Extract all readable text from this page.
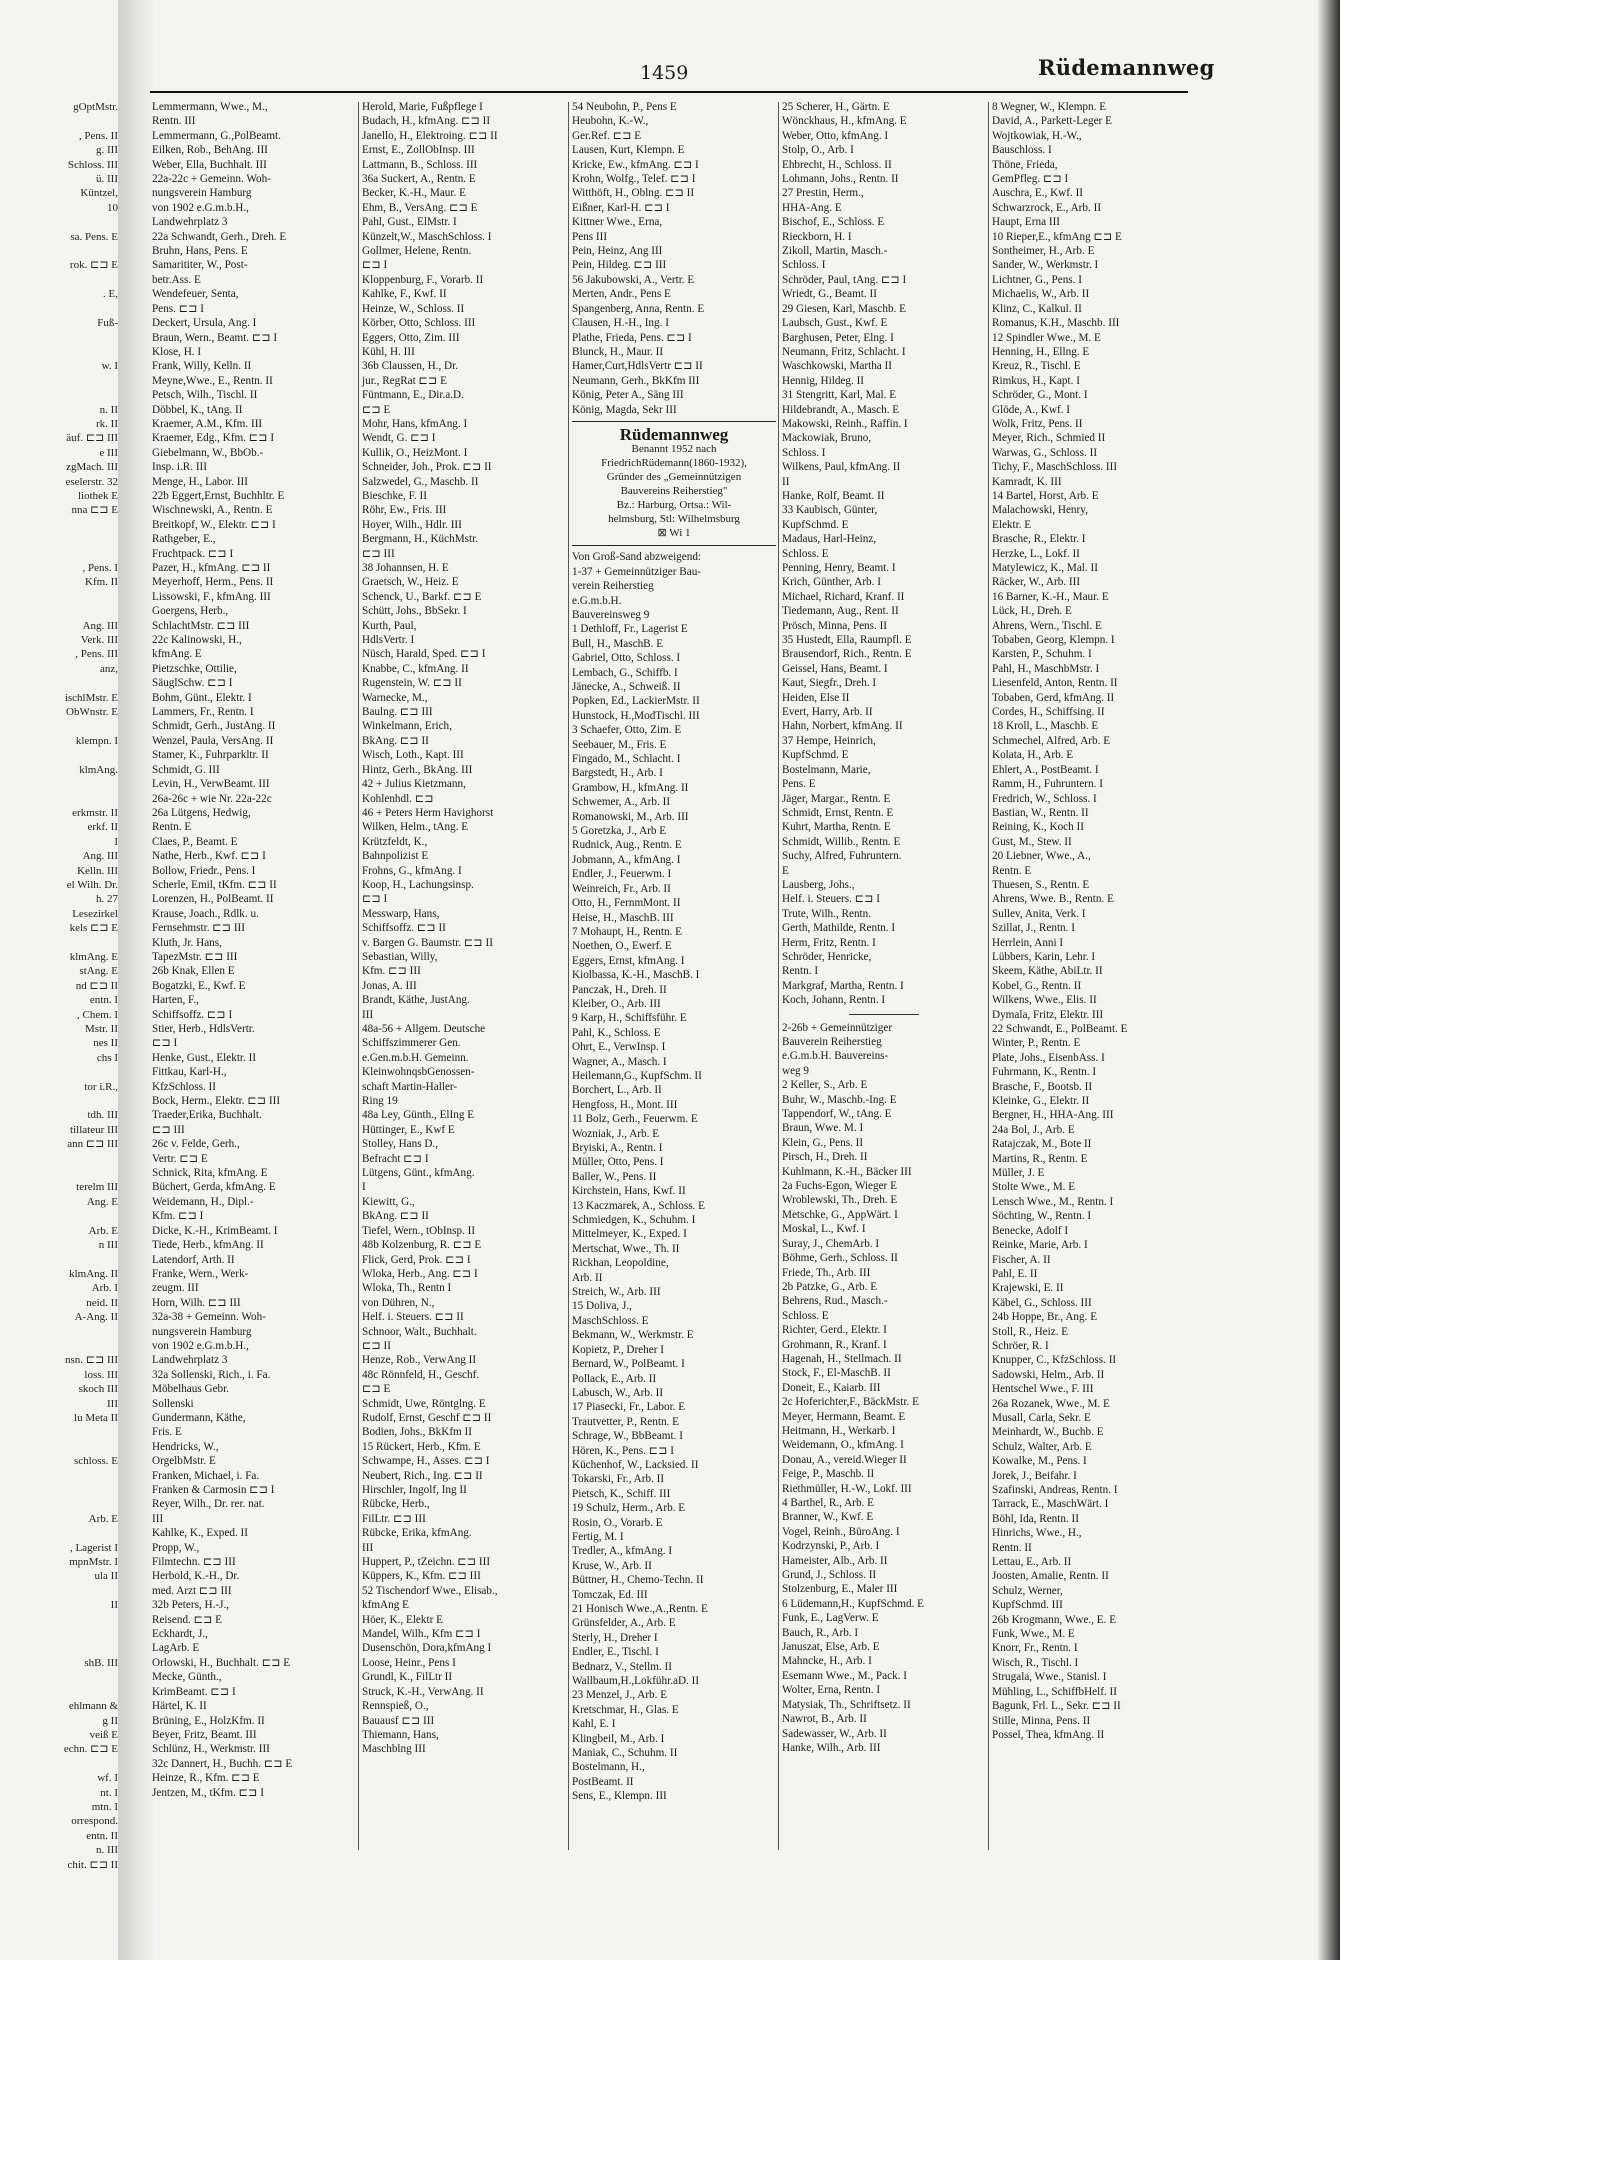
gOptMstr.

, Pens. II
g. III
Schloss. III
ü. III
Küntzel,
10

sa. Pens. E

rok. ⊏⊐ E

. E,

Fuß-

w. I

n. II
rk. II
äuf. ⊏⊐ III
e III
zgMach. III
eselerstr. 32
liothek E
nna ⊏⊐ E

, Pens. I
Kfm. II

Ang. III
Verk. III
, Pens. III
anz,

ischlMstr. E
ObWnstr. E

klempn. I

klmAng.

erkmstr. II
erkf. II
I
Ang. III
Kelln. III
el Wilh. Dr.
h. 27
Lesezirkel
kels ⊏⊐ E

klmAng. E
stAng. E
nd ⊏⊐ II
entn. I
, Chem. I
Mstr. II
nes II
chs I

tor i.R.,

tdh. III
tillateur III
ann ⊏⊐ III

terelm III
Ang. E

Arb. E
n III

klmAng. II
Arb. I
neid. II
A-Ang. II

nsn. ⊏⊐ III
loss. III
skoch III
III
lu Meta II

schloss. E

Arb. E

, Lagerist I
mpnMstr. I
ula II

II

shB. III

ehlmann &
g II
veiß E
echn. ⊏⊐ E

wf. I
nt. I
mtn. I
orrespond.
entn. II
n. III
chit. ⊏⊐ II
1459	Rüdemannweg
Lemmermann, Wwe., M.,
Rentn. III
Lemmermann, G.,PolBeamt.
Eilken, Rob., BehAng. III
Weber, Ella, Buchhalt. III
22a-22c + Gemeinn. Woh-
nungsverein Hamburg
von 1902 e.G.m.b.H.,
Landwehrplatz 3
22a Schwandt, Gerh., Dreh. E
Bruhn, Hans, Pens. E
Samarititer, W., Post-
betr.Ass. E
Wendefeuer, Senta,
Pens. ⊏⊐ I
Deckert, Ursula, Ang. I
Braun, Wern., Beamt. ⊏⊐ I
Klose, H. I
Frank, Willy, Kelln. II
Meyne,Wwe., E., Rentn. II
Petsch, Wilh., Tischl. II
Döbbel, K., tAng. II
Kraemer, A.M., Kfm. III
Kraemer, Edg., Kfm. ⊏⊐ I
Giebelmann, W., BbOb.-
Insp. i.R. III
Menge, H., Labor. III
22b Eggert,Ernst, Buchhltr. E
Wischnewski, A., Rentn. E
Breitkopf, W., Elektr. ⊏⊐ I
Rathgeber, E.,
Fruchtpack. ⊏⊐ I
Pazer, H., kfmAng. ⊏⊐ II
Meyerhoff, Herm., Pens. II
Lissowski, F., kfmAng. III
Goergens, Herb.,
SchlachtMstr. ⊏⊐ III
22c Kalinowski, H.,
kfmAng. E
Pietzschke, Ottilie,
SäuglSchw. ⊏⊐ I
Bohm, Günt., Elektr. I
Lammers, Fr., Rentn. I
Schmidt, Gerh., JustAng. II
Wenzel, Paula, VersAng. II
Stamer, K., Fuhrparkltr. II
Schmidt, G. III
Levin, H., VerwBeamt. III
26a-26c + wie Nr. 22a-22c
26a Lütgens, Hedwig,
Rentn. E
Claes, P., Beamt. E
Nathe, Herb., Kwf. ⊏⊐ I
Bollow, Friedr., Pens. I
Scherle, Emil, tKfm. ⊏⊐ II
Lorenzen, H., PolBeamt. II
Krause, Joach., Rdlk. u.
Fernsehmstr. ⊏⊐ III
Kluth, Jr. Hans,
TapezMstr. ⊏⊐ III
26b Knak, Ellen E
Bogatzki, E., Kwf. E
Harten, F.,
Schiffsoffz. ⊏⊐ I
Stier, Herb., HdlsVertr.
⊏⊐ I
Henke, Gust., Elektr. II
Fittkau, Karl-H.,
KfzSchloss. II
Bock, Herm., Elektr. ⊏⊐ III
Traeder,Erika, Buchhalt.
⊏⊐ III
26c v. Felde, Gerh.,
Vertr. ⊏⊐ E
Schnick, Rita, kfmAng. E
Büchert, Gerda, kfmAng. E
Weidemann, H., Dipl.-
Kfm. ⊏⊐ I
Dicke, K.-H., KrimBeamt. I
Tiede, Herb., kfmAng. II
Latendorf, Arth. II
Franke, Wern., Werk-
zeugm. III
Horn, Wilh. ⊏⊐ III
32a-38 + Gemeinn. Woh-
nungsverein Hamburg
von 1902 e.G.m.b.H.,
Landwehrplatz 3
32a Sollenski, Rich., i. Fa.
Möbelhaus Gebr.
Sollenski
Gundermann, Käthe,
Fris. E
Hendricks, W.,
OrgelbMstr. E
Franken, Michael, i. Fa.
Franken & Carmosin ⊏⊐ I
Reyer, Wilh., Dr. rer. nat.
III
Kahlke, K., Exped. II
Propp, W.,
Filmtechn. ⊏⊐ III
Herbold, K.-H., Dr.
med. Arzt ⊏⊐ III
32b Peters, H.-J.,
Reisend. ⊏⊐ E
Eckhardt, J.,
LagArb. E
Orlowski, H., Buchhalt. ⊏⊐ E
Mecke, Günth.,
KrimBeamt. ⊏⊐ I
Härtel, K. II
Brüning, E., HolzKfm. II
Beyer, Fritz, Beamt. III
Schlünz, H., Werkmstr. III
32c Dannert, H., Buchh. ⊏⊐ E
Heinze, R., Kfm. ⊏⊐ E
Jentzen, M., tKfm. ⊏⊐ I
Herold, Marie, Fußpflege I
Budach, H., kfmAng. ⊏⊐ II
Janello, H., Elektroing. ⊏⊐ II
Ernst, E., ZollObInsp. III
Lattmann, B., Schloss. III
36a Suckert, A., Rentn. E
Becker, K.-H., Maur. E
Ehm, B., VersAng. ⊏⊐ E
Pahl, Gust., ElMstr. I
Künzelt,W., MaschSchloss. I
Gollmer, Helene, Rentn.
⊏⊐ I
Kloppenburg, F., Vorarb. II
Kahlke, F., Kwf. II
Heinze, W., Schloss. II
Körber, Otto, Schloss. III
Eggers, Otto, Zim. III
Kühl, H. III
36b Claussen, H., Dr.
jur., RegRat ⊏⊐ E
Füntmann, E., Dir.a.D.
⊏⊐ E
Mohr, Hans, kfmAng. I
Wendt, G. ⊏⊐ I
Kullik, O., HeizMont. I
Schneider, Joh., Prok. ⊏⊐ II
Salzwedel, G., Maschb. II
Bieschke, F. II
Röhr, Ew., Fris. III
Hoyer, Wilh., Hdlr. III
Bergmann, H., KüchMstr.
⊏⊐ III
38 Johannsen, H. E
Graetsch, W., Heiz. E
Schenck, U., Barkf. ⊏⊐ E
Schütt, Johs., BbSekr. I
Kurth, Paul,
HdlsVertr. I
Nüsch, Harald, Sped. ⊏⊐ I
Knabbe, C., kfmAng. II
Rugenstein, W. ⊏⊐ II
Warnecke, M.,
Baulng. ⊏⊐ III
Winkelmann, Erich,
BkAng. ⊏⊐ II
Wisch, Loth., Kapt. III
Hintz, Gerh., BkAng. III
42 + Julius Kietzmann,
Kohlenhdl. ⊏⊐
46 + Peters Herm Havighorst
Wilken, Helm., tAng. E
Krützfeldt, K.,
Bahnpolizist E
Frohns, G., kfmAng. I
Koop, H., Lachungsinsp.
⊏⊐ I
Messwarp, Hans,
Schiffsoffz. ⊏⊐ II
v. Bargen G. Baumstr. ⊏⊐ II
Sebastian, Willy,
Kfm. ⊏⊐ III
Jonas, A. III
Brandt, Käthe, JustAng.
III
48a-56 + Allgem. Deutsche
Schiffszimmerer Gen.
e.Gen.m.b.H. Gemeinn.
KleinwohnqsbGenossen-
schaft Martin-Haller-
Ring 19
48a Ley, Günth., ElIng E
Hüttinger, E., Kwf E
Stolley, Hans D.,
Befracht ⊏⊐ I
Lütgens, Günt., kfmAng.
I
Kiewitt, G.,
BkAng. ⊏⊐ II
Tiefel, Wern., tObInsp. II
48b Kolzenburg, R. ⊏⊐ E
Flick, Gerd, Prok. ⊏⊐ I
Wloka, Herb., Ang. ⊏⊐ I
Wloka, Th., Rentn I
von Dühren, N.,
Helf. i. Steuers. ⊏⊐ II
Schnoor, Walt., Buchhalt.
⊏⊐ II
Henze, Rob., VerwAng II
48c Rönnfeld, H., Geschf.
⊏⊐ E
Schmidt, Uwe, Röntglng. E
Rudolf, Ernst, Geschf ⊏⊐ II
Bodien, Johs., BkKfm II
15 Rückert, Herb., Kfm. E
Schwampe, H., Asses. ⊏⊐ I
Neubert, Rich., Ing. ⊏⊐ II
Hirschler, Ingolf, Ing II
Rübcke, Herb.,
FilLtr. ⊏⊐ III
Rübcke, Erika, kfmAng.
III
Huppert, P., tZeichn. ⊏⊐ III
Küppers, K., Kfm. ⊏⊐ III
52 Tischendorf Wwe., Elisab.,
kfmAng E
Höer, K., Elektr E
Mandel, Wilh., Kfm ⊏⊐ I
Dusenschön, Dora,kfmAng I
Loose, Heinr., Pens I
Grundl, K., FilLtr II
Struck, K.-H., VerwAng. II
Rennspieß, O.,
Bauausf ⊏⊐ III
Thiemann, Hans,
Maschblng III
54 Neubohn, P., Pens E
Heubohn, K.-W.,
Ger.Ref. ⊏⊐ E
Lausen, Kurt, Klempn. E
Kricke, Ew., kfmAng. ⊏⊐ I
Krohn, Wolfg., Telef. ⊏⊐ I
Witthöft, H., Oblng. ⊏⊐ II
Eißner, Karl-H. ⊏⊐ I
Kittner Wwe., Erna,
Pens III
Pein, Heinz, Ang III
Pein, Hildeg. ⊏⊐ III
56 Jakubowski, A., Vertr. E
Merten, Andr., Pens E
Spangenberg, Anna, Rentn. E
Clausen, H.-H., Ing. I
Plathe, Frieda, Pens. ⊏⊐ I
Blunck, H., Maur. II
Hamer,Curt,HdlsVertr ⊏⊐ II
Neumann, Gerh., BkKfm III
König, Peter A., Säng III
König, Magda, Sekr III
Rüdemannweg
Benannt 1952 nach
FriedrichRüdemann(1860-1932),
Gründer des „Gemeinnützigen
Bauvereins Reiherstieg"
Bz.: Harburg, Ortsa.: Wil-
helmsburg, Stl: Wilhelmsburg
⊠ Wi 1
Von Groß-Sand abzweigend:
1-37 + Gemeinnütziger Bau-
verein Reiherstieg
e.G.m.b.H.
Bauvereinsweg 9
1 Dethloff, Fr., Lagerist E
Bull, H., MaschB. E
Gabriel, Otto, Schloss. I
Lembach, G., Schiffb. I
Jänecke, A., Schweiß. II
Popken, Ed., LackierMstr. II
Hunstock, H.,ModTischl. III
3 Schaefer, Otto, Zim. E
Seebauer, M., Fris. E
Fingado, M., Schlacht. I
Bargstedt, H., Arb. I
Grambow, H., kfmAng. II
Schwemer, A., Arb. II
Romanowski, M., Arb. III
5 Goretzka, J., Arb E
Rudnick, Aug., Rentn. E
Jobmann, A., kfmAng. I
Endler, J., Feuerwm. I
Weinreich, Fr., Arb. II
Otto, H., FernmMont. II
Heise, H., MaschB. III
7 Mohaupt, H., Rentn. E
Noethen, O., Ewerf. E
Eggers, Ernst, kfmAng. I
Kiolbassa, K.-H., MaschB. I
Panczak, H., Dreh. II
Kleiber, O., Arb. III
9 Karp, H., Schiffsführ. E
Pahl, K., Schloss. E
Ohrt, E., VerwInsp. I
Wagner, A., Masch. I
Heilemann,G., KupfSchm. II
Borchert, L., Arb. II
Hengfoss, H., Mont. III
11 Bolz, Gerh., Feuerwm. E
Wozniak, J., Arb. E
Bryiski, A., Rentn. I
Müller, Otto, Pens. I
Baller, W., Pens. II
Kirchstein, Hans, Kwf. II
13 Kaczmarek, A., Schloss. E
Schmiedgen, K., Schuhm. I
Mittelmeyer, K., Exped. I
Mertschat, Wwe., Th. II
Rickhan, Leopoldine,
Arb. II
Streich, W., Arb. III
15 Doliva, J.,
MaschSchloss. E
Bekmann, W., Werkmstr. E
Kopietz, P., Dreher I
Bernard, W., PolBeamt. I
Pollack, E., Arb. II
Labusch, W., Arb. II
17 Piasecki, Fr., Labor. E
Trautvetter, P., Rentn. E
Schrage, W., BbBeamt. I
Hören, K., Pens. ⊏⊐ I
Küchenhof, W., Lacksied. II
Tokarski, Fr., Arb. II
Pietsch, K., Schiff. III
19 Schulz, Herm., Arb. E
Rosin, O., Vorarb. E
Fertig, M. I
Tredler, A., kfmAng. I
Kruse, W., Arb. II
Büttner, H., Chemo-Techn. II
Tomczak, Ed. III
21 Honisch Wwe.,A.,Rentn. E
Grünsfelder, A., Arb. E
Sterly, H., Dreher I
Endler, E., Tischl. I
Bednarz, V., Stellm. II
Wallbaum,H.,Lokführ.aD. II
23 Menzel, J., Arb. E
Kretschmar, H., Glas. E
Kahl, E. I
Klingbeil, M., Arb. I
Maniak, C., Schuhm. II
Bostelmann, H.,
PostBeamt. II
Sens, E., Klempn. III
25 Scherer, H., Gärtn. E
Wönckhaus, H., kfmAng. E
Weber, Otto, kfmAng. I
Stolp, O., Arb. I
Ehbrecht, H., Schloss. II
Lohmann, Johs., Rentn. II
27 Prestin, Herm.,
HHA-Ang. E
Bischof, E., Schloss. E
Rieckborn, H. I
Zikoll, Martin, Masch.-
Schloss. I
Schröder, Paul, tAng. ⊏⊐ I
Wriedt, G., Beamt. II
29 Giesen, Karl, Maschb. E
Laubsch, Gust., Kwf. E
Barghusen, Peter, Elng. I
Neumann, Fritz, Schlacht. I
Waschkowski, Martha II
Hennig, Hildeg. II
31 Stengritt, Karl, Mal. E
Hildebrandt, A., Masch. E
Makowski, Reinh., Raffin. I
Mackowiak, Bruno,
Schloss. I
Wilkens, Paul, kfmAng. II
II
Hanke, Rolf, Beamt. II
33 Kaubisch, Günter,
KupfSchmd. E
Madaus, Harl-Heinz,
Schloss. E
Penning, Henry, Beamt. I
Krich, Günther, Arb. I
Michael, Richard, Kranf. II
Tiedemann, Aug., Rent. II
Prösch, Minna, Pens. II
35 Hustedt, Ella, Raumpfl. E
Brausendorf, Rich., Rentn. E
Geissel, Hans, Beamt. I
Kaut, Siegfr., Dreh. I
Heiden, Else II
Evert, Harry, Arb. II
Hahn, Norbert, kfmAng. II
37 Hempe, Heinrich,
KupfSchmd. E
Bostelmann, Marie,
Pens. E
Jäger, Margar., Rentn. E
Schmidt, Ernst, Rentn. E
Kuhrt, Martha, Rentn. E
Schmidt, Willib., Rentn. E
Suchy, Alfred, Fuhruntern.
E
Lausberg, Johs.,
Helf. i. Steuers. ⊏⊐ I
Trute, Wilh., Rentn.
Gerth, Mathilde, Rentn. I
Herm, Fritz, Rentn. I
Schröder, Henricke,
Rentn. I
Markgraf, Martha, Rentn. I
Koch, Johann, Rentn. I
2-26b + Gemeinnütziger
Bauverein Reiherstieg
e.G.m.b.H. Bauvereins-
weg 9
2 Keller, S., Arb. E
Buhr, W., Maschb.-Ing. E
Tappendorf, W., tAng. E
Braun, Wwe. M. I
Klein, G., Pens. II
Pirsch, H., Dreh. II
Kuhlmann, K.-H., Bäcker III
2a Fuchs-Egon, Wieger E
Wroblewski, Th., Dreh. E
Metschke, G., AppWärt. I
Moskal, L., Kwf. I
Suray, J., ChemArb. I
Böhme, Gerh., Schloss. II
Friede, Th., Arb. III
2b Patzke, G., Arb. E
Behrens, Rud., Masch.-
Schloss. E
Richter, Gerd., Elektr. I
Grohmann, R., Kranf. I
Hagenah, H., Stellmach. II
Stock, F., El-MaschB. II
Doneit, E., Kaiarb. III
2c Hoferichter,F., BäckMstr. E
Meyer, Hermann, Beamt. E
Heitmann, H., Werkarb. I
Weidemann, O., kfmAng. I
Donau, A., vereid.Wieger II
Feige, P., Maschb. II
Riethmüller, H.-W., Lokf. III
4 Barthel, R., Arb. E
Branner, W., Kwf. E
Vogel, Reinh., BüroAng. I
Kodrzynski, P., Arb. I
Hameister, Alb., Arb. II
Grund, J., Schloss. II
Stolzenburg, E., Maler III
6 Lüdemann,H., KupfSchmd. E
Funk, E., LagVerw. E
Bauch, R., Arb. I
Januszat, Else, Arb. E
Mahncke, H., Arb. I
Esemann Wwe., M., Pack. I
Wolter, Erna, Rentn. I
Matysiak, Th., Schriftsetz. II
Nawrot, B., Arb. II
Sadewasser, W., Arb. II
Hanke, Wilh., Arb. III
8 Wegner, W., Klempn. E
David, A., Parkett-Leger E
Wojtkowiak, H.-W.,
Bauschloss. I
Thöne, Frieda,
GemPfleg. ⊏⊐ I
Auschra, E., Kwf. II
Schwarzrock, E., Arb. II
Haupt, Erna III
10 Rieper,E., kfmAng ⊏⊐ E
Sontheimer, H., Arb. E
Sander, W., Werkmstr. I
Lichtner, G., Pens. I
Michaelis, W., Arb. II
Klinz, C., Kalkul. II
Romanus, K.H., Maschb. III
12 Spindler Wwe., M. E
Henning, H., Ellng. E
Kreuz, R., Tischl. E
Rimkus, H., Kapt. I
Schröder, G., Mont. I
Glöde, A., Kwf. I
Wolk, Fritz, Pens. II
Meyer, Rich., Schmied II
Warwas, G., Schloss. II
Tichy, F., MaschSchloss. III
Kamradt, K. III
14 Bartel, Horst, Arb. E
Malachowski, Henry,
Elektr. E
Brasche, R., Elektr. I
Herzke, L., Lokf. II
Matylewicz, K., Mal. II
Räcker, W., Arb. III
16 Barner, K.-H., Maur. E
Lück, H., Dreh. E
Ahrens, Wern., Tischl. E
Tobaben, Georg, Klempn. I
Karsten, P., Schuhm. I
Pahl, H., MaschbMstr. I
Liesenfeld, Anton, Rentn. II
Tobaben, Gerd, kfmAng. II
Cordes, H., Schiffsing. II
18 Kroll, L., Maschb. E
Schmechel, Alfred, Arb. E
Kolata, H., Arb. E
Ehlert, A., PostBeamt. I
Ramm, H., Fuhruntern. I
Fredrich, W., Schloss. I
Bastian, W., Rentn. II
Reining, K., Koch II
Gust, M., Stew. II
20 Liebner, Wwe., A.,
Rentn. E
Thuesen, S., Rentn. E
Ahrens, Wwe. B., Rentn. E
Sullev, Anita, Verk. I
Szillat, J., Rentn. I
Herrlein, Anni I
Lübbers, Karin, Lehr. I
Skeem, Käthe, AbiLtr. II
Kobel, G., Rentn. II
Wilkens, Wwe., Elis. II
Dymala, Fritz, Elektr. III
22 Schwandt, E., PolBeamt. E
Winter, P., Rentn. E
Plate, Johs., EisenbAss. I
Fuhrmann, K., Rentn. I
Brasche, F., Bootsb. II
Kleinke, G., Elektr. II
Bergner, H., HHA-Ang. III
24a Bol, J., Arb. E
Ratajczak, M., Bote II
Martins, R., Rentn. E
Müller, J. E
Stolte Wwe., M. E
Lensch Wwe., M., Rentn. I
Söchting, W., Rentn. I
Benecke, Adolf I
Reinke, Marie, Arb. I
Fischer, A. II
Pahl, E. II
Krajewski, E. II
Käbel, G., Schloss. III
24b Hoppe, Br., Ang. E
Stoll, R., Heiz. E
Schröer, R. I
Knupper, C., KfzSchloss. II
Sadowski, Helm., Arb. II
Hentschel Wwe., F. III
26a Rozanek, Wwe., M. E
Musall, Carla, Sekr. E
Meinhardt, W., Buchb. E
Schulz, Walter, Arb. E
Kowalke, M., Pens. I
Jorek, J., Beifahr. I
Szafinski, Andreas, Rentn. I
Tarrack, E., MaschWärt. I
Böhl, Ida, Rentn. II
Hinrichs, Wwe., H.,
Rentn. II
Lettau, E., Arb. II
Joosten, Amalie, Rentn. II
Schulz, Werner,
KupfSchmd. III
26b Krogmann, Wwe., E. E
Funk, Wwe., M. E
Knorr, Fr., Rentn. I
Wisch, R., Tischl. I
Strugala, Wwe., Stanisl. I
Mühling, L., SchiffbHelf. II
Bagunk, Frl. L., Sekr. ⊏⊐ II
Stille, Minna, Pens. II
Possel, Thea, kfmAng. II
